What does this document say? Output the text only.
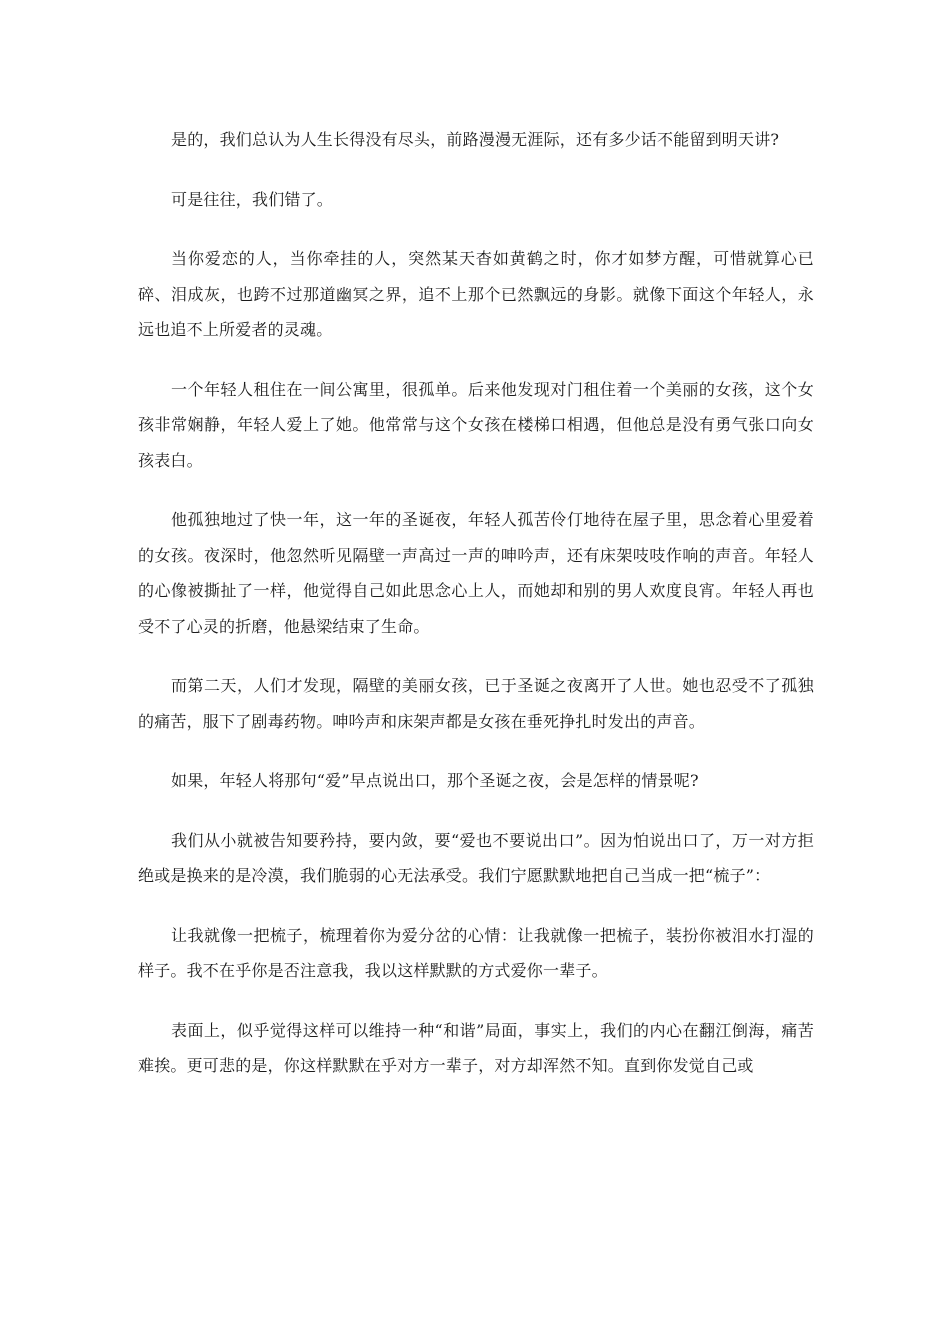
是的，我们总认为人生长得没有尽头，前路漫漫无涯际，还有多少话不能留到明天讲?

可是往往，我们错了。

当你爱恋的人，当你牵挂的人，突然某天杳如黄鹤之时，你才如梦方醒，可惜就算心已碎、泪成灰，也跨不过那道幽冥之界，追不上那个已然飘远的身影。就像下面这个年轻人，永远也追不上所爱者的灵魂。

一个年轻人租住在一间公寓里，很孤单。后来他发现对门租住着一个美丽的女孩，这个女孩非常娴静，年轻人爱上了她。他常常与这个女孩在楼梯口相遇，但他总是没有勇气张口向女孩表白。

他孤独地过了快一年，这一年的圣诞夜，年轻人孤苦伶仃地待在屋子里，思念着心里爱着的女孩。夜深时，他忽然听见隔壁一声高过一声的呻吟声，还有床架吱吱作响的声音。年轻人的心像被撕扯了一样，他觉得自己如此思念心上人，而她却和别的男人欢度良宵。年轻人再也受不了心灵的折磨，他悬梁结束了生命。

而第二天，人们才发现，隔壁的美丽女孩，已于圣诞之夜离开了人世。她也忍受不了孤独的痛苦，服下了剧毒药物。呻吟声和床架声都是女孩在垂死挣扎时发出的声音。

如果，年轻人将那句“爱”早点说出口，那个圣诞之夜，会是怎样的情景呢?

我们从小就被告知要矜持，要内敛，要“爱也不要说出口”。因为怕说出口了，万一对方拒绝或是换来的是冷漠，我们脆弱的心无法承受。我们宁愿默默地把自己当成一把“梳子”：

让我就像一把梳子，梳理着你为爱分岔的心情：让我就像一把梳子，装扮你被泪水打湿的样子。我不在乎你是否注意我，我以这样默默的方式爱你一辈子。

表面上，似乎觉得这样可以维持一种“和谐”局面，事实上，我们的内心在翻江倒海，痛苦难挨。更可悲的是，你这样默默在乎对方一辈子，对方却浑然不知。直到你发觉自己或
